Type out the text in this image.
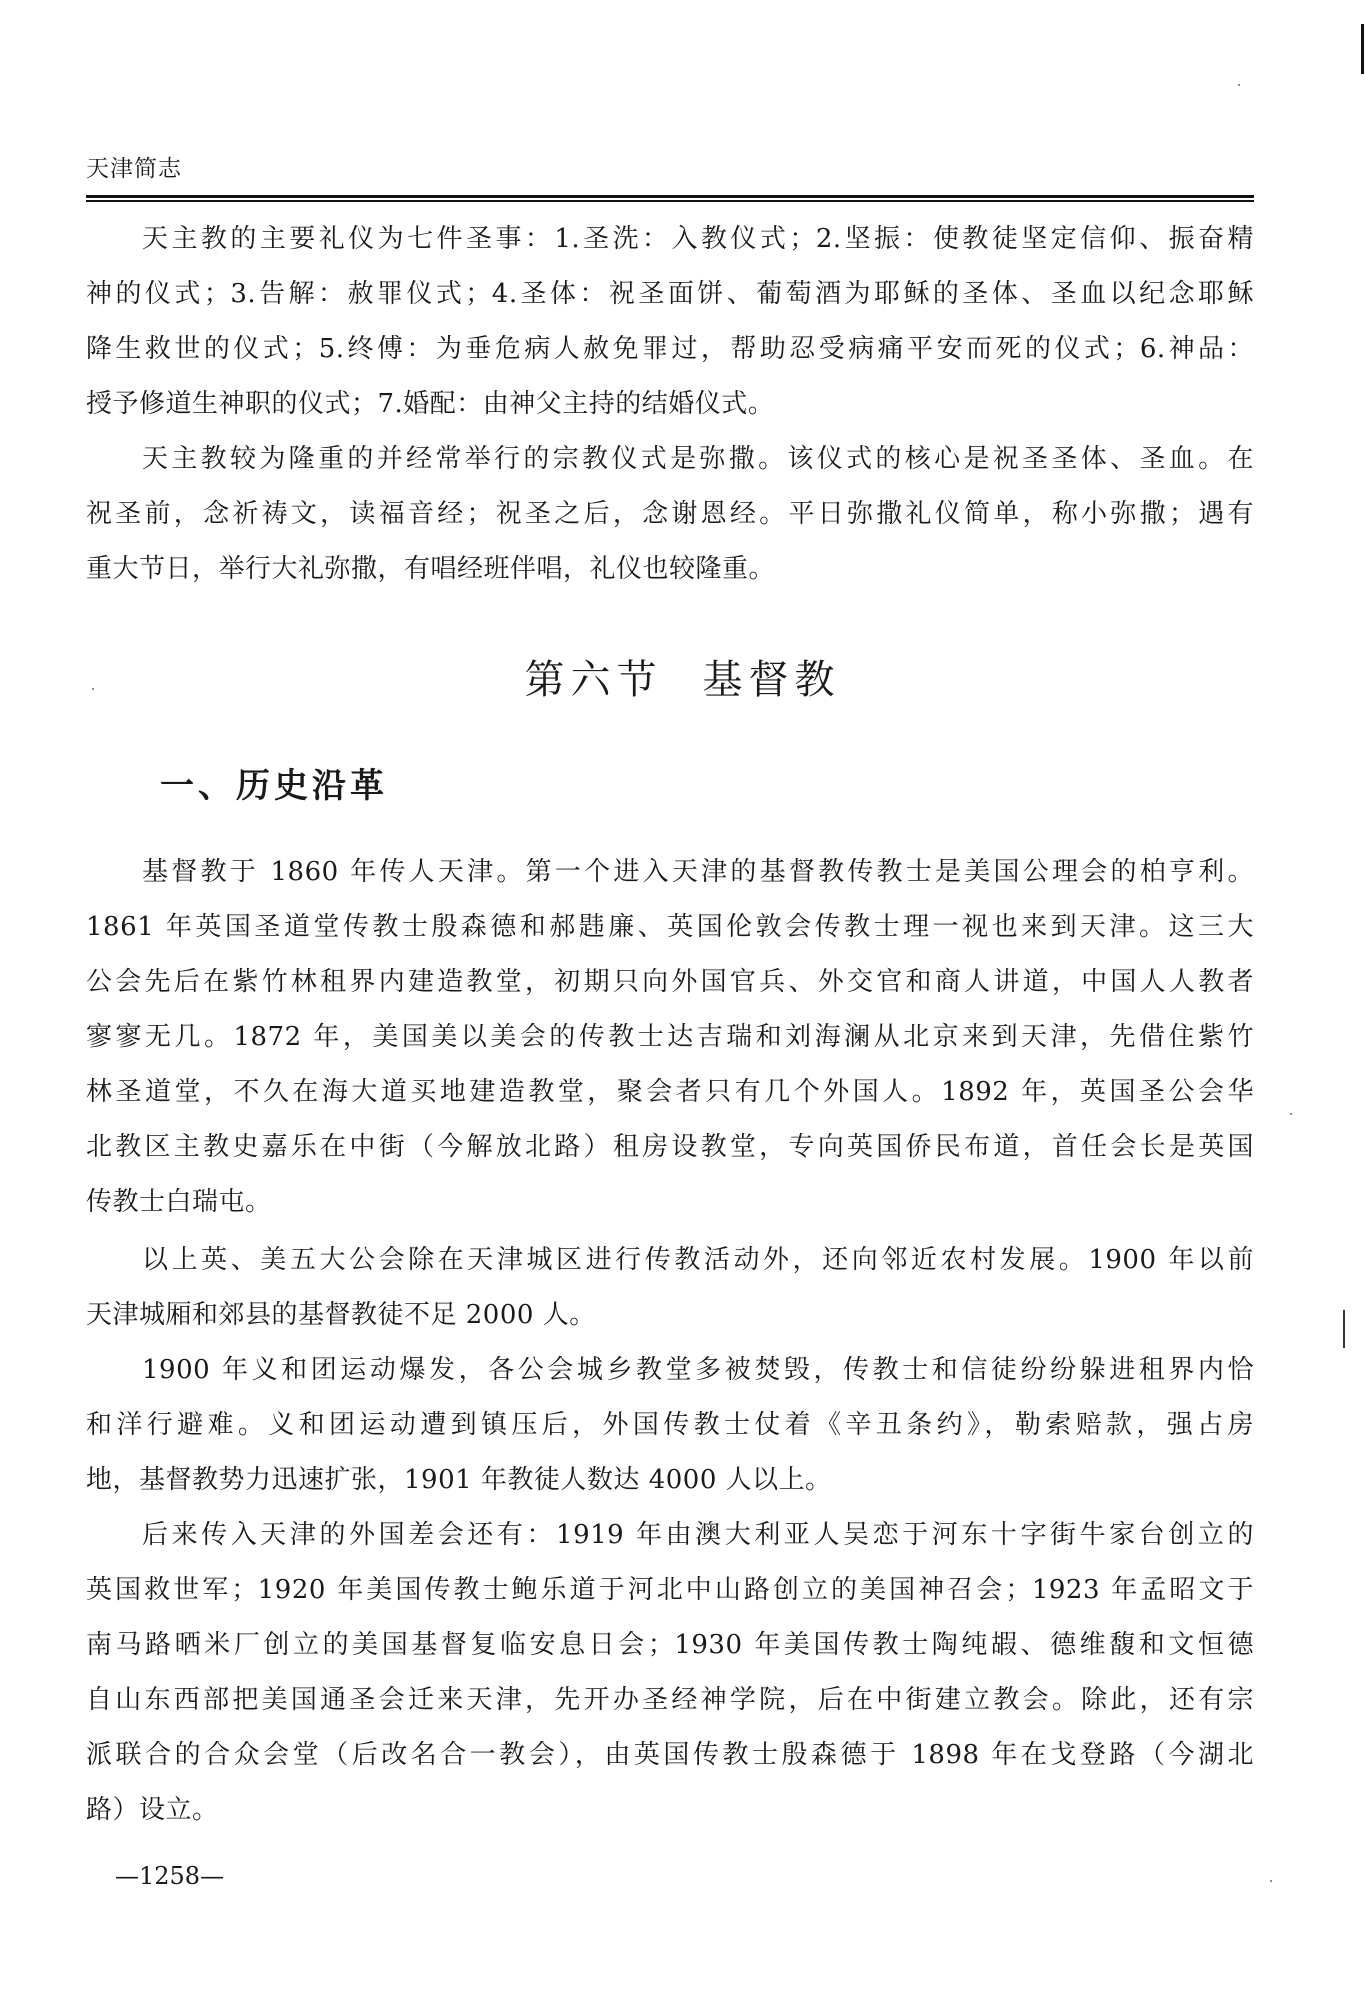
天津简志
天主教的主要礼仪为七件圣事：1.圣洗：入教仪式；2.坚振：使教徒坚定信仰、振奋精
神的仪式；3.告解：赦罪仪式；4.圣体：祝圣面饼、葡萄酒为耶稣的圣体、圣血以纪念耶稣
降生救世的仪式；5.终傅：为垂危病人赦免罪过，帮助忍受病痛平安而死的仪式；6.神品：
授予修道生神职的仪式；7.婚配：由神父主持的结婚仪式。
天主教较为隆重的并经常举行的宗教仪式是弥撒。该仪式的核心是祝圣圣体、圣血。在
祝圣前，念祈祷文，读福音经；祝圣之后，念谢恩经。平日弥撒礼仪简单，称小弥撒；遇有
重大节日，举行大礼弥撒，有唱经班伴唱，礼仪也较隆重。
第六节 基督教
一、历史沿革
基督教于 1860 年传人天津。第一个进入天津的基督教传教士是美国公理会的柏亨利。
1861 年英国圣道堂传教士殷森德和郝韪廉、英国伦敦会传教士理一视也来到天津。这三大
公会先后在紫竹林租界内建造教堂，初期只向外国官兵、外交官和商人讲道，中国人人教者
寥寥无几。1872 年，美国美以美会的传教士达吉瑞和刘海澜从北京来到天津，先借住紫竹
林圣道堂，不久在海大道买地建造教堂，聚会者只有几个外国人。1892 年，英国圣公会华
北教区主教史嘉乐在中街（今解放北路）租房设教堂，专向英国侨民布道，首任会长是英国
传教士白瑞屯。
以上英、美五大公会除在天津城区进行传教活动外，还向邻近农村发展。1900 年以前
天津城厢和郊县的基督教徒不足 2000 人。
1900 年义和团运动爆发，各公会城乡教堂多被焚毁，传教士和信徒纷纷躲进租界内恰
和洋行避难。义和团运动遭到镇压后，外国传教士仗着《辛丑条约》，勒索赔款，强占房
地，基督教势力迅速扩张，1901 年教徒人数达 4000 人以上。
后来传入天津的外国差会还有：1919 年由澳大利亚人吴恋于河东十字街牛家台创立的
英国救世军；1920 年美国传教士鲍乐道于河北中山路创立的美国神召会；1923 年孟昭文于
南马路晒米厂创立的美国基督复临安息日会；1930 年美国传教士陶纯嘏、德维馥和文恒德
自山东西部把美国通圣会迁来天津，先开办圣经神学院，后在中街建立教会。除此，还有宗
派联合的合众会堂（后改名合一教会），由英国传教士殷森德于 1898 年在戈登路（今湖北
路）设立。
—1258—
